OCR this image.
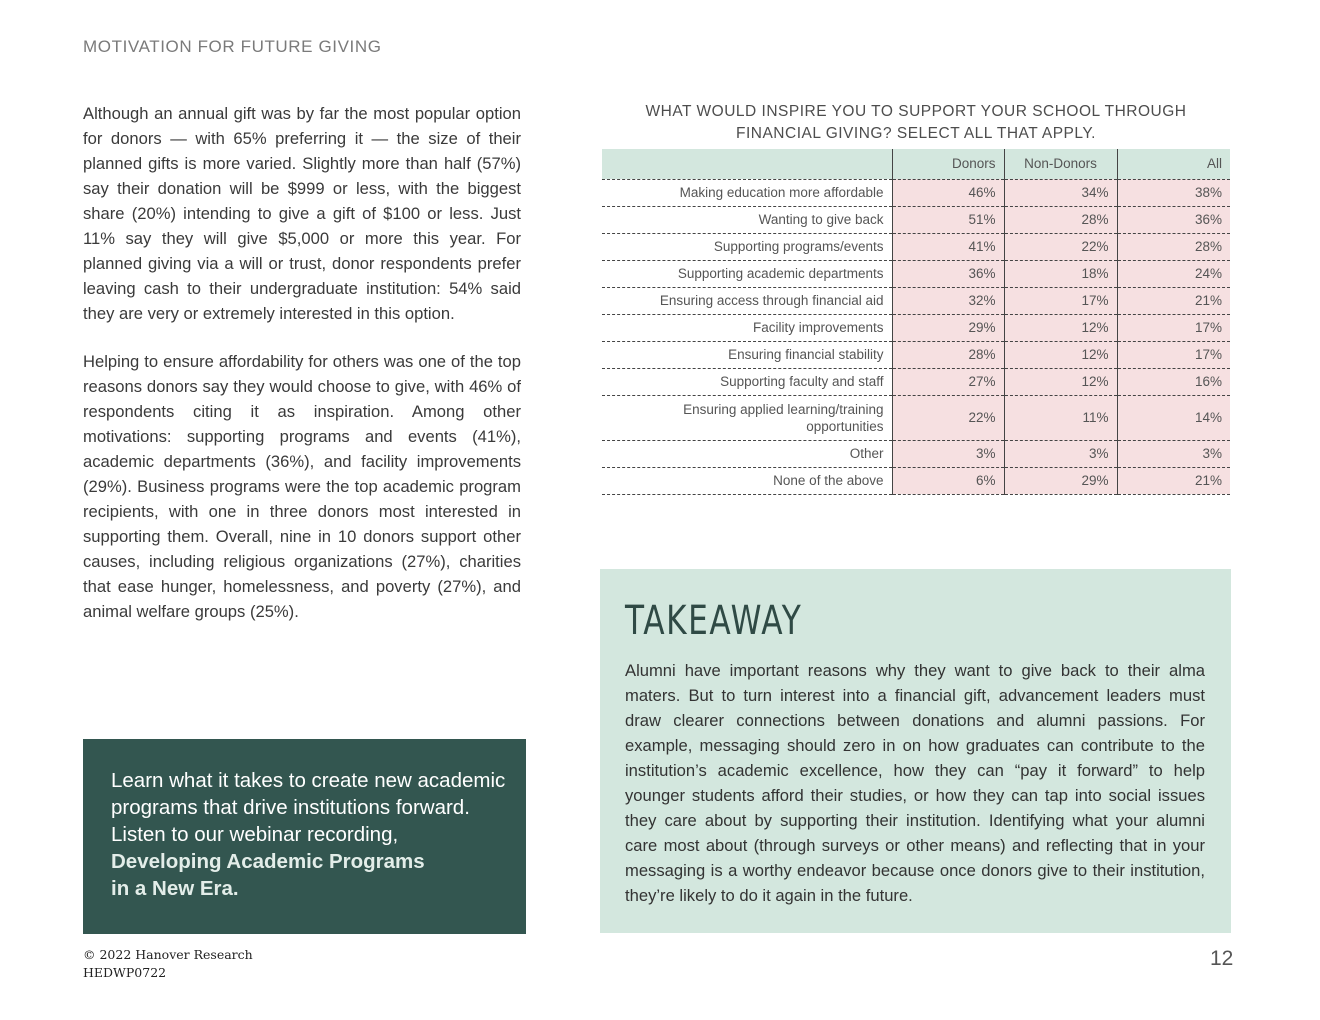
MOTIVATION FOR FUTURE GIVING

Although an annual gift was by far the most popular option for donors — with 65% preferring it — the size of their planned gifts is more varied. Slightly more than half (57%) say their donation will be $999 or less, with the biggest share (20%) intending to give a gift of $100 or less. Just 11% say they will give $5,000 or more this year. For planned giving via a will or trust, donor respondents prefer leaving cash to their undergraduate institution: 54% said they are very or extremely interested in this option.

Helping to ensure affordability for others was one of the top reasons donors say they would choose to give, with 46% of respondents citing it as inspiration. Among other motivations: supporting programs and events (41%), academic departments (36%), and facility improvements (29%). Business programs were the top academic program recipients, with one in three donors most interested in supporting them. Overall, nine in 10 donors support other causes, including religious organizations (27%), charities that ease hunger, homelessness, and poverty (27%), and animal welfare groups (25%).

Learn what it takes to create new academic programs that drive institutions forward. Listen to our webinar recording,
Developing Academic Programs
in a New Era.
© 2022 Hanover Research
HEDWP0722
12
WHAT WOULD INSPIRE YOU TO SUPPORT YOUR SCHOOL THROUGH
FINANCIAL GIVING? SELECT ALL THAT APPLY.
	Donors	Non-Donors	All
Making education more affordable	46%	34%	38%
Wanting to give back	51%	28%	36%
Supporting programs/events	41%	22%	28%
Supporting academic departments	36%	18%	24%
Ensuring access through financial aid	32%	17%	21%
Facility improvements	29%	12%	17%
Ensuring financial stability	28%	12%	17%
Supporting faculty and staff	27%	12%	16%
Ensuring applied learning/training
opportunities	22%	11%	14%
Other	3%	3%	3%
None of the above	6%	29%	21%
TAKEAWAY
Alumni have important reasons why they want to give back to their alma maters. But to turn interest into a financial gift, advancement leaders must draw clearer connections between donations and alumni passions. For example, messaging should zero in on how graduates can contribute to the institution’s academic excellence, how they can “pay it forward” to help younger students afford their studies, or how they can tap into social issues they care about by supporting their institution. Identifying what your alumni care most about (through surveys or other means) and reflecting that in your messaging is a worthy endeavor because once donors give to their institution, they’re likely to do it again in the future.
